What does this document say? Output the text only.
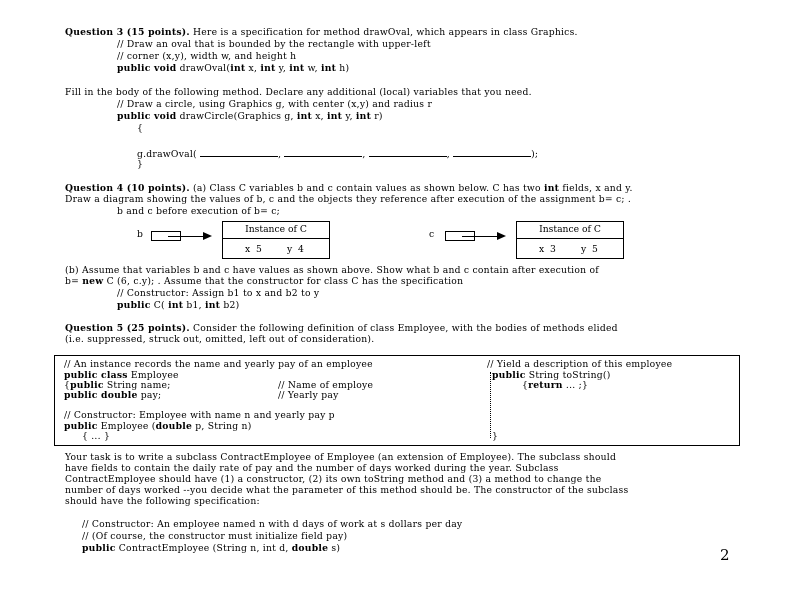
Question 3 (15 points). Here is a specification for method drawOval, which appears in class Graphics.
// Draw an oval that is bounded by the rectangle with upper-left
// corner (x,y), width w, and height h
public void drawOval(int x, int y, int w, int h)
Fill in the body of the following method. Declare any additional (local) variables that you need.
// Draw a circle, using Graphics g, with center (x,y) and radius r
public void drawCircle(Graphics g, int x, int y, int r)
{
g.drawOval(	,	,	,	);
}
Question 4 (10 points). (a) Class C variables b and c contain values as shown below. C has two int fields, x and y.
Draw a diagram showing the values of b, c and the objects they reference after execution of the assignment b= c; .
b and c before execution of b= c;
b	Instance of C
x 5	y 4
c	Instance of C
x 3	y 5
(b) Assume that variables b and c have values as shown above. Show what b and c contain after execution of
b= new C (6, c.y); . Assume that the constructor for class C has the specification
// Constructor: Assign b1 to x and b2 to y
public C( int b1, int b2)
Question 5 (25 points). Consider the following definition of class Employee, with the bodies of methods elided
(i.e. suppressed, struck out, omitted, left out of consideration).
// An instance records the name and yearly pay of an employee
public class Employee
{public String name;	// Name of employe
public double pay;	// Yearly pay
// Constructor: Employee with name n and yearly pay p
public Employee (double p, String n)
{ ... }
// Yield a description of this employee
public String toString()
{return ... ;}
}
Your task is to write a subclass ContractEmployee of Employee (an extension of Employee). The subclass should
have fields to contain the daily rate of pay and the number of days worked during the year. Subclass
ContractEmployee should have (1) a constructor, (2) its own toString method and (3) a method to change the
number of days worked --you decide what the parameter of this method should be. The constructor of the subclass
should have the following specification:
// Constructor: An employee named n with d days of work at s dollars per day
// (Of course, the constructor must initialize field pay)
public ContractEmployee (String n, int d, double s)	2
